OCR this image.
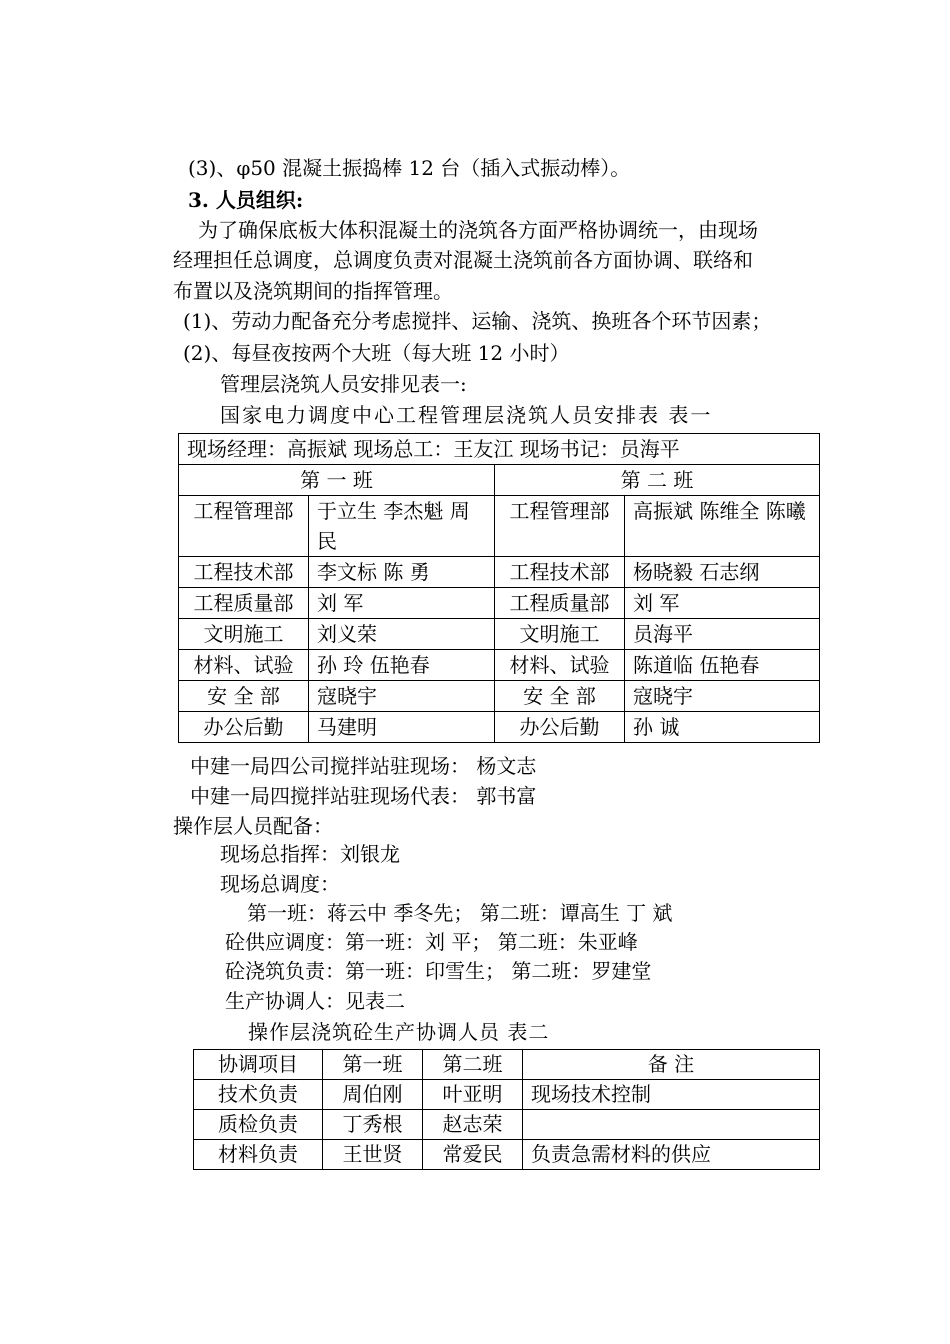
(3)、φ50 混凝土振捣棒 12 台（插入式振动棒）。
3. 人员组织:
为了确保底板大体积混凝土的浇筑各方面严格协调统一，由现场
经理担任总调度，总调度负责对混凝土浇筑前各方面协调、联络和
布置以及浇筑期间的指挥管理。
(1)、劳动力配备充分考虑搅拌、运输、浇筑、换班各个环节因素；
(2)、每昼夜按两个大班（每大班 12 小时）
管理层浇筑人员安排见表一:
国家电力调度中心工程管理层浇筑人员安排表 表一
现场经理：高振斌 现场总工：王友江 现场书记：员海平			
第 一 班		第 二 班	
工程管理部	于立生 李杰魁 周 民	工程管理部	高振斌 陈维全 陈曦
工程技术部	李文标 陈 勇	工程技术部	杨晓毅 石志纲
工程质量部	刘 军	工程质量部	刘 军
文明施工	刘义荣	文明施工	员海平
材料、试验	孙 玲 伍艳春	材料、试验	陈道临 伍艳春
安 全 部	寇晓宇	安 全 部	寇晓宇
办公后勤	马建明	办公后勤	孙 诚
中建一局四公司搅拌站驻现场： 杨文志
中建一局四搅拌站驻现场代表： 郭书富
操作层人员配备：
现场总指挥：刘银龙
现场总调度：
第一班：蒋云中 季冬先； 第二班：谭高生 丁 斌
砼供应调度：第一班：刘 平； 第二班：朱亚峰
砼浇筑负责：第一班：印雪生； 第二班：罗建堂
生产协调人：见表二
操作层浇筑砼生产协调人员 表二
协调项目	第一班	第二班	备 注
技术负责	周伯刚	叶亚明	现场技术控制
质检负责	丁秀根	赵志荣	
材料负责	王世贤	常爱民	负责急需材料的供应
